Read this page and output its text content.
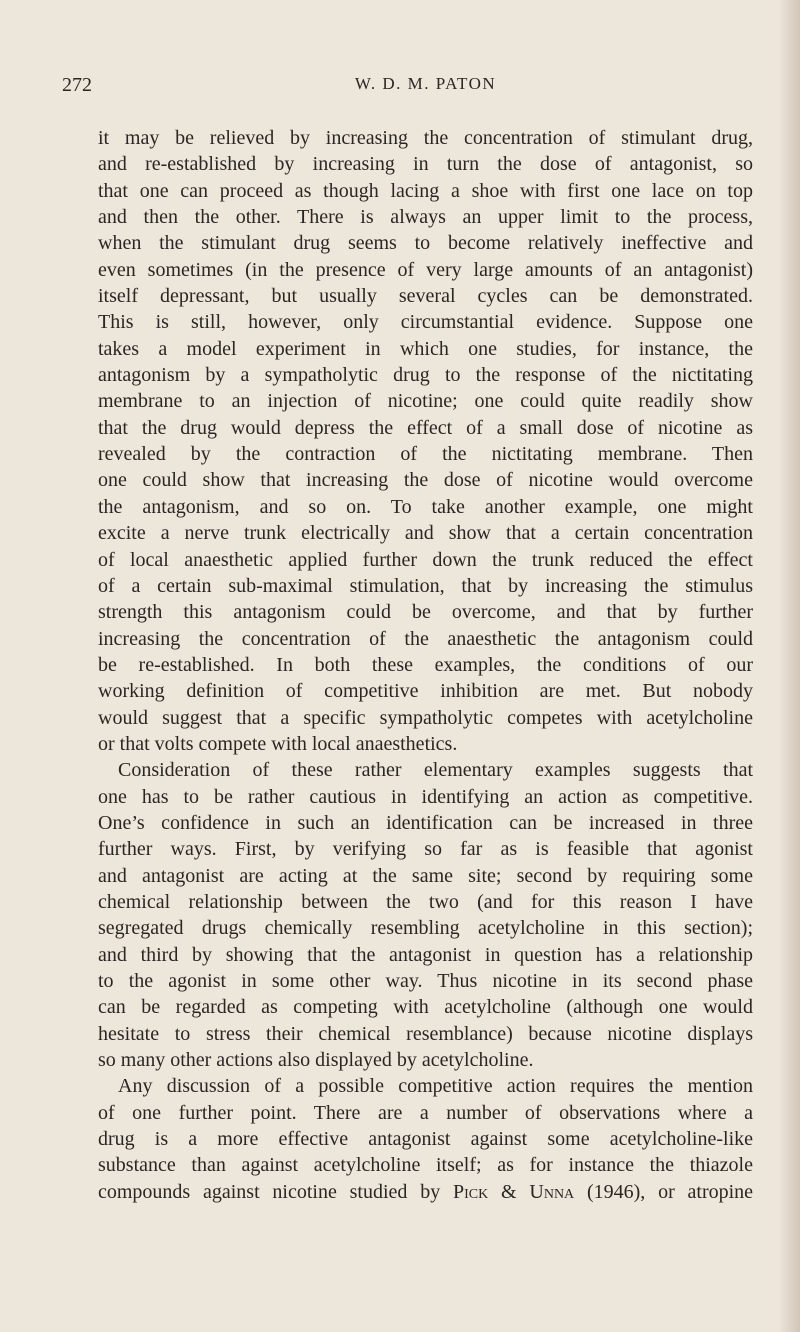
272	W. D. M. PATON
it may be relieved by increasing the concentration of stimulant drug,
and re-established by increasing in turn the dose of antagonist, so
that one can proceed as though lacing a shoe with first one lace on top
and then the other. There is always an upper limit to the process,
when the stimulant drug seems to become relatively ineffective and
even sometimes (in the presence of very large amounts of an antagonist)
itself depressant, but usually several cycles can be demonstrated.
This is still, however, only circumstantial evidence. Suppose one
takes a model experiment in which one studies, for instance, the
antagonism by a sympatholytic drug to the response of the nictitating
membrane to an injection of nicotine; one could quite readily show
that the drug would depress the effect of a small dose of nicotine as
revealed by the contraction of the nictitating membrane. Then
one could show that increasing the dose of nicotine would overcome
the antagonism, and so on. To take another example, one might
excite a nerve trunk electrically and show that a certain concentration
of local anaesthetic applied further down the trunk reduced the effect
of a certain sub-maximal stimulation, that by increasing the stimulus
strength this antagonism could be overcome, and that by further
increasing the concentration of the anaesthetic the antagonism could
be re-established. In both these examples, the conditions of our
working definition of competitive inhibition are met. But nobody
would suggest that a specific sympatholytic competes with acetylcholine
or that volts compete with local anaesthetics.
Consideration of these rather elementary examples suggests that
one has to be rather cautious in identifying an action as competitive.
One’s confidence in such an identification can be increased in three
further ways. First, by verifying so far as is feasible that agonist
and antagonist are acting at the same site; second by requiring some
chemical relationship between the two (and for this reason I have
segregated drugs chemically resembling acetylcholine in this section);
and third by showing that the antagonist in question has a relationship
to the agonist in some other way. Thus nicotine in its second phase
can be regarded as competing with acetylcholine (although one would
hesitate to stress their chemical resemblance) because nicotine displays
so many other actions also displayed by acetylcholine.
Any discussion of a possible competitive action requires the mention
of one further point. There are a number of observations where a
drug is a more effective antagonist against some acetylcholine-like
substance than against acetylcholine itself; as for instance the thiazole
compounds against nicotine studied by Pick & Unna (1946), or atropine
